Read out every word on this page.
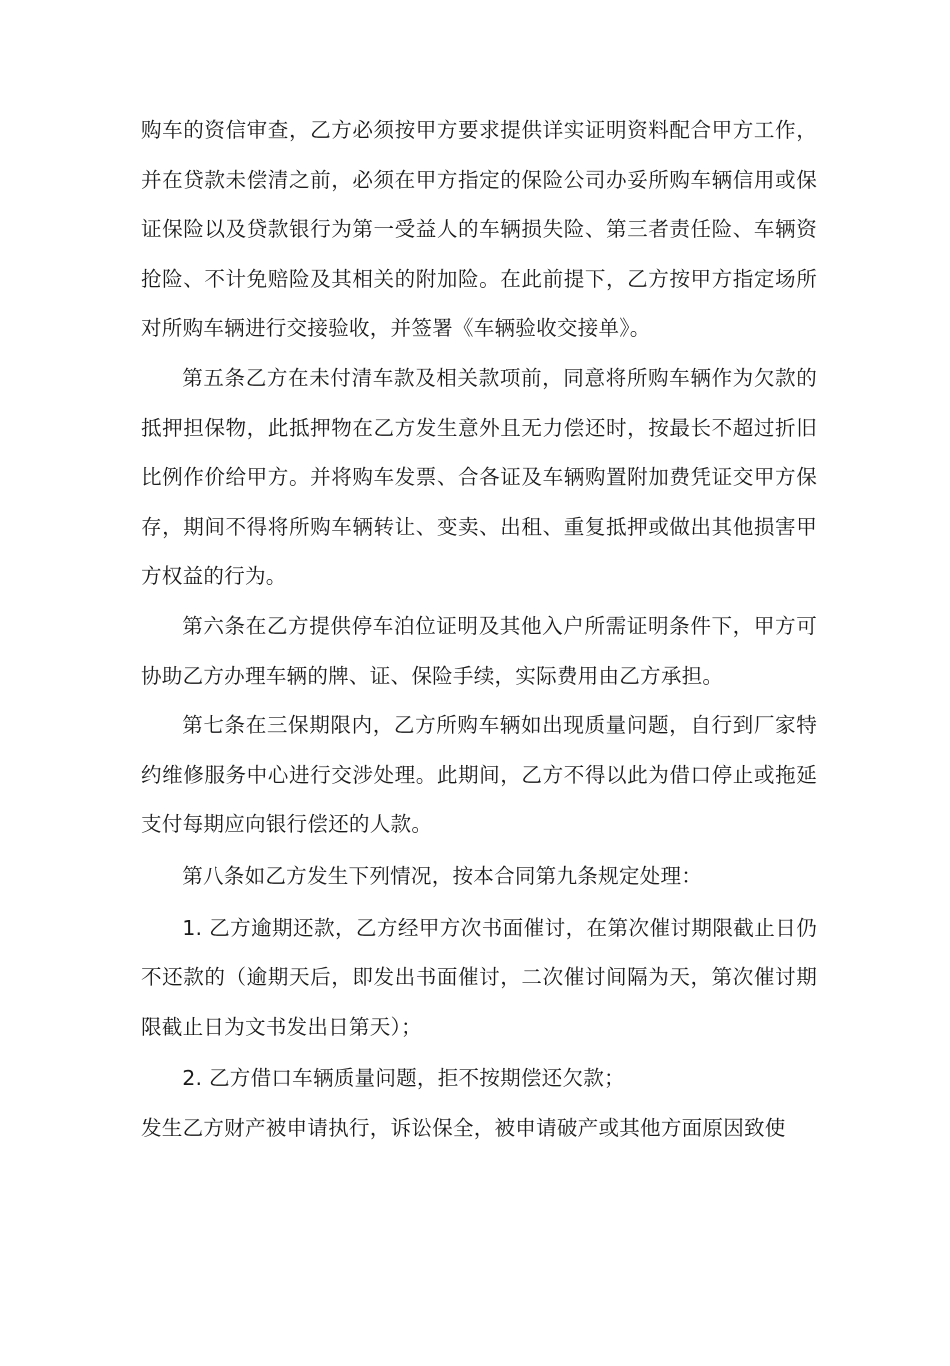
购车的资信审查，乙方必须按甲方要求提供详实证明资料配合甲方工作，并在贷款未偿清之前，必须在甲方指定的保险公司办妥所购车辆信用或保证保险以及贷款银行为第一受益人的车辆损失险、第三者责任险、车辆资抢险、不计免赔险及其相关的附加险。在此前提下，乙方按甲方指定场所对所购车辆进行交接验收，并签署《车辆验收交接单》。

第五条乙方在未付清车款及相关款项前，同意将所购车辆作为欠款的抵押担保物，此抵押物在乙方发生意外且无力偿还时，按最长不超过折旧比例作价给甲方。并将购车发票、合各证及车辆购置附加费凭证交甲方保存，期间不得将所购车辆转让、变卖、出租、重复抵押或做出其他损害甲方权益的行为。

第六条在乙方提供停车泊位证明及其他入户所需证明条件下，甲方可协助乙方办理车辆的牌、证、保险手续，实际费用由乙方承担。

第七条在三保期限内，乙方所购车辆如出现质量问题，自行到厂家特约维修服务中心进行交涉处理。此期间，乙方不得以此为借口停止或拖延支付每期应向银行偿还的人款。

第八条如乙方发生下列情况，按本合同第九条规定处理：

1. 乙方逾期还款，乙方经甲方次书面催讨，在第次催讨期限截止日仍不还款的（逾期天后，即发出书面催讨，二次催讨间隔为天，第次催讨期限截止日为文书发出日第天）；

2. 乙方借口车辆质量问题，拒不按期偿还欠款；

发生乙方财产被申请执行，诉讼保全，被申请破产或其他方面原因致使
